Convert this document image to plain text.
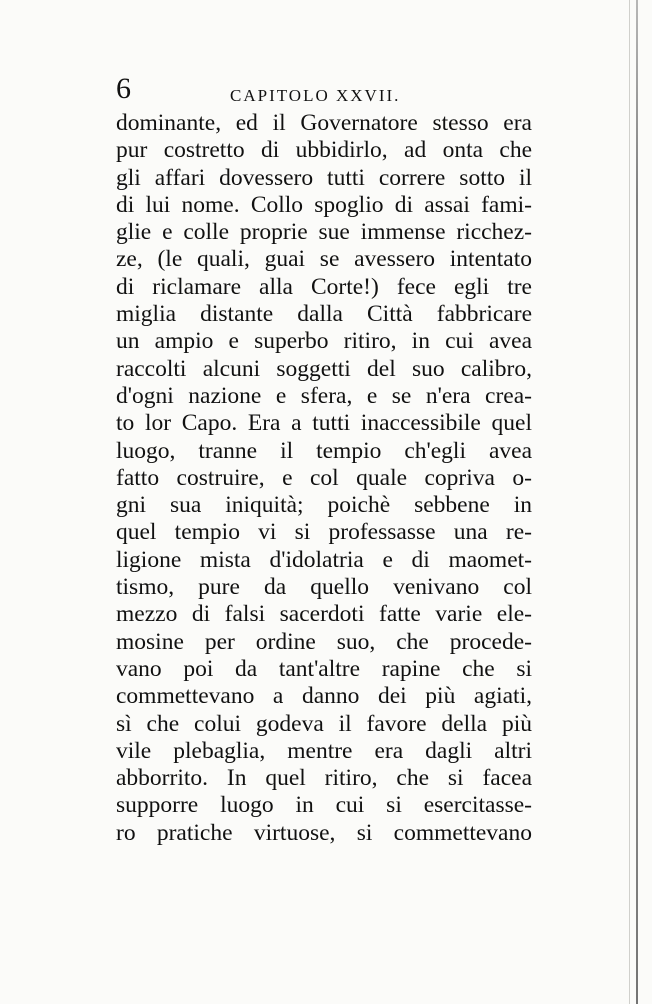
6	CAPITOLO XXVII.
dominante, ed il Governatore stesso era
pur costretto di ubbidirlo, ad onta che
gli affari dovessero tutti correre sotto il
di lui nome. Collo spoglio di assai fami-
glie e colle proprie sue immense ricchez-
ze, (le quali, guai se avessero intentato
di riclamare alla Corte!) fece egli tre
miglia distante dalla Città fabbricare
un ampio e superbo ritiro, in cui avea
raccolti alcuni soggetti del suo calibro,
d'ogni nazione e sfera, e se n'era crea-
to lor Capo. Era a tutti inaccessibile quel
luogo, tranne il tempio ch'egli avea
fatto costruire, e col quale copriva o-
gni sua iniquità; poichè sebbene in
quel tempio vi si professasse una re-
ligione mista d'idolatria e di maomet-
tismo, pure da quello venivano col
mezzo di falsi sacerdoti fatte varie ele-
mosine per ordine suo, che procede-
vano poi da tant'altre rapine che si
commettevano a danno dei più agiati,
sì che colui godeva il favore della più
vile plebaglia, mentre era dagli altri
abborrito. In quel ritiro, che si facea
supporre luogo in cui si esercitasse-
ro pratiche virtuose, si commettevano
